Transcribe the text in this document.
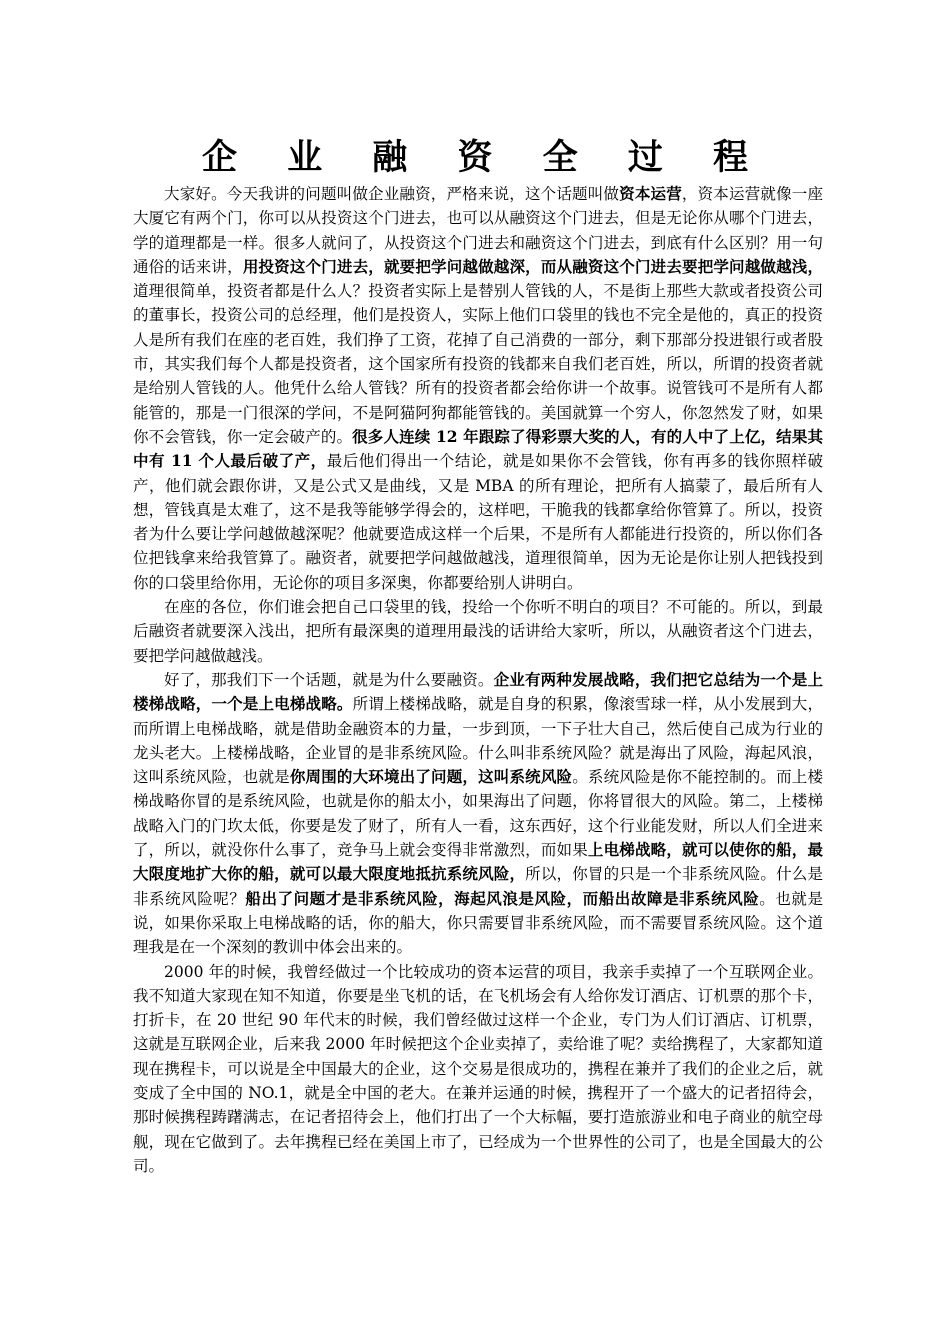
企 业 融 资 全 过 程

大家好。今天我讲的问题叫做企业融资，严格来说，这个话题叫做资本运营，资本运营就像一座大厦它有两个门，你可以从投资这个门进去，也可以从融资这个门进去，但是无论你从哪个门进去，学的道理都是一样。很多人就问了，从投资这个门进去和融资这个门进去，到底有什么区别？用一句通俗的话来讲，用投资这个门进去，就要把学问越做越深，而从融资这个门进去要把学问越做越浅，道理很简单，投资者都是什么人？投资者实际上是替别人管钱的人，不是街上那些大款或者投资公司的董事长，投资公司的总经理，他们是投资人，实际上他们口袋里的钱也不完全是他的，真正的投资人是所有我们在座的老百姓，我们挣了工资，花掉了自己消费的一部分，剩下那部分投进银行或者股市，其实我们每个人都是投资者，这个国家所有投资的钱都来自我们老百姓，所以，所谓的投资者就是给别人管钱的人。他凭什么给人管钱？所有的投资者都会给你讲一个故事。说管钱可不是所有人都能管的，那是一门很深的学问，不是阿猫阿狗都能管钱的。美国就算一个穷人，你忽然发了财，如果你不会管钱，你一定会破产的。很多人连续 12 年跟踪了得彩票大奖的人，有的人中了上亿，结果其中有 11 个人最后破了产，最后他们得出一个结论，就是如果你不会管钱，你有再多的钱你照样破产，他们就会跟你讲，又是公式又是曲线，又是 MBA 的所有理论，把所有人搞蒙了，最后所有人 想，管钱真是太难了，这不是我等能够学得会的，这样吧，干脆我的钱都拿给你管算了。所以，投资者为什么要让学问越做越深呢？他就要造成这样一个后果，不是所有人都能进行投资的，所以你们各位把钱拿来给我管算了。融资者，就要把学问越做越浅，道理很简单，因为无论是你让别人把钱投到你的口袋里给你用，无论你的项目多深奥，你都要给别人讲明白。

在座的各位，你们谁会把自己口袋里的钱，投给一个你听不明白的项目？不可能的。所以，到最后融资者就要深入浅出，把所有最深奥的道理用最浅的话讲给大家听，所以，从融资者这个门进去，要把学问越做越浅。

好了，那我们下一个话题，就是为什么要融资。企业有两种发展战略，我们把它总结为一个是上楼梯战略，一个是上电梯战略。所谓上楼梯战略，就是自身的积累，像滚雪球一样，从小发展到大，而所谓上电梯战略，就是借助金融资本的力量，一步到顶，一下子壮大自己，然后使自己成为行业的龙头老大。上楼梯战略，企业冒的是非系统风险。什么叫非系统风险？就是海出了风险，海起风浪，这叫系统风险，也就是你周围的大环境出了问题，这叫系统风险。系统风险是你不能控制的。而上楼梯战略你冒的是系统风险，也就是你的船太小，如果海出了问题，你将冒很大的风险。第二，上楼梯战略入门的门坎太低，你要是发了财了，所有人一看，这东西好，这个行业能发财，所以人们全进来了，所以，就没你什么事了，竞争马上就会变得非常激烈，而如果上电梯战略，就可以使你的船，最大限度地扩大你的船，就可以最大限度地抵抗系统风险，所以，你冒的只是一个非系统风险。什么是非系统风险呢？船出了问题才是非系统风险，海起风浪是风险，而船出故障是非系统风险。也就是说，如果你采取上电梯战略的话，你的船大，你只需要冒非系统风险，而不需要冒系统风险。这个道理我是在一个深刻的教训中体会出来的。

2000 年的时候，我曾经做过一个比较成功的资本运营的项目，我亲手卖掉了一个互联网企业。我不知道大家现在知不知道，你要是坐飞机的话，在飞机场会有人给你发订酒店、订机票的那个卡，打折卡，在 20 世纪 90 年代末的时候，我们曾经做过这样一个企业，专门为人们订酒店、订机票，这就是互联网企业，后来我 2000 年时候把这个企业卖掉了，卖给谁了呢？卖给携程了，大家都知道现在携程卡，可以说是全中国最大的企业，这个交易是很成功的，携程在兼并了我们的企业之后，就变成了全中国的 NO.1，就是全中国的老大。在兼并运通的时候，携程开了一个盛大的记者招待会，那时候携程踌躇满志，在记者招待会上，他们打出了一个大标幅，要打造旅游业和电子商业的航空母舰，现在它做到了。去年携程已经在美国上市了，已经成为一个世界性的公司了，也是全国最大的公司。
